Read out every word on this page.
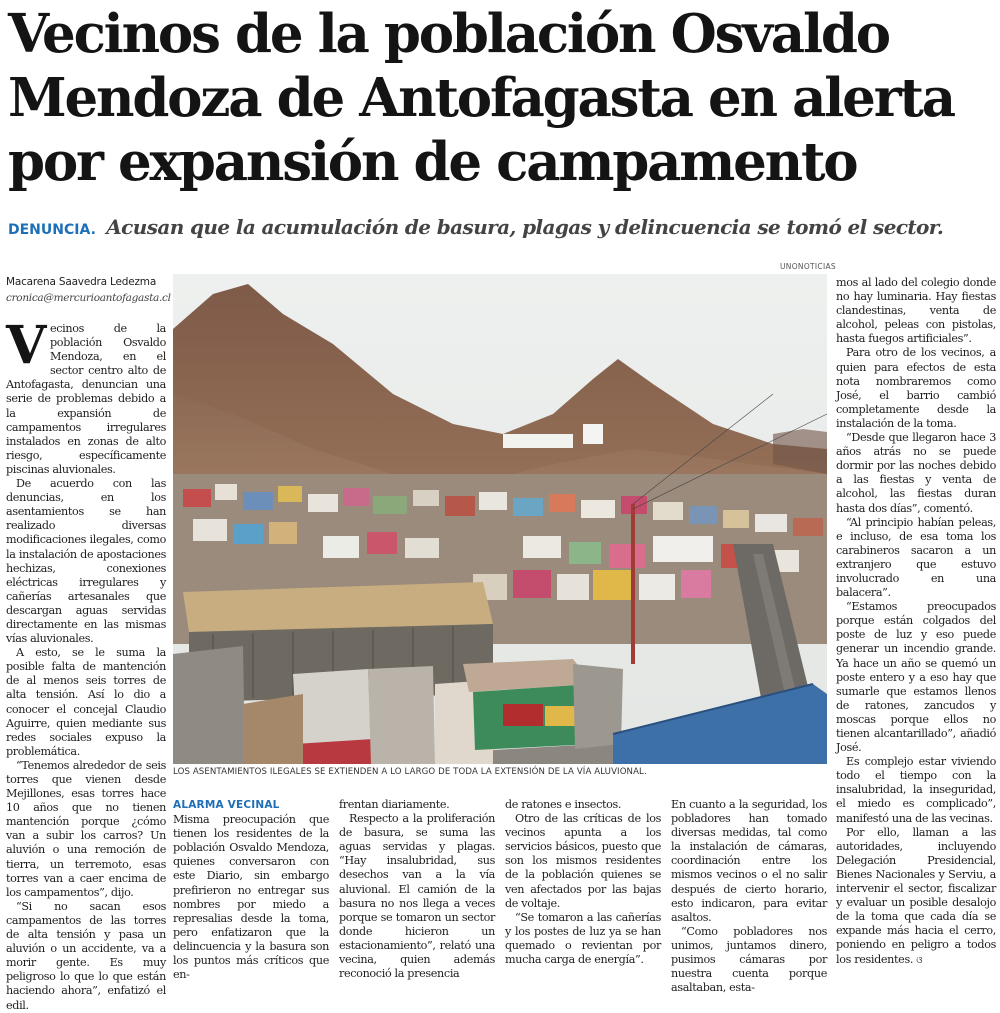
Vecinos de la población Osvaldo
Mendoza de Antofagasta en alerta
por expansión de campamento
DENUNCIA. Acusan que la acumulación de basura, plagas y delincuencia se tomó el sector.
Macarena Saavedra Ledezma
cronica@mercurioantofagasta.cl

Vecinos de la población Osvaldo Mendoza, en el sector centro alto de Antofagasta, denuncian una serie de problemas debido a la expansión de campamentos irregulares instalados en zonas de alto riesgo, específicamente piscinas aluvionales.

De acuerdo con las denuncias, en los asentamientos se han realizado diversas modificaciones ilegales, como la instalación de apostaciones hechizas, conexiones eléctricas irregulares y cañerías artesanales que descargan aguas servidas directamente en las mismas vías aluvionales.

A esto, se le suma la posible falta de mantención de al menos seis torres de alta tensión. Así lo dio a conocer el concejal Claudio Aguirre, quien mediante sus redes sociales expuso la problemática.

“Tenemos alrededor de seis torres que vienen desde Mejillones, esas torres hace 10 años que no tienen mantención porque ¿cómo van a subir los carros? Un aluvión o una remoción de tierra, un terremoto, esas torres van a caer encima de los campamentos”, dijo.

“Si no sacan esos campamentos de las torres de alta tensión y pasa un aluvión o un accidente, va a morir gente. Es muy peligroso lo que lo que están haciendo ahora”, enfatizó el edil.

UNONOTICIAS
LOS ASENTAMIENTOS ILEGALES SE EXTIENDEN A LO LARGO DE TODA LA EXTENSIÓN DE LA VÍA ALUVIONAL.

mos al lado del colegio donde no hay luminaria. Hay fiestas clandestinas, venta de alcohol, peleas con pistolas, hasta fuegos artificiales”.

Para otro de los vecinos, a quien para efectos de esta nota nombraremos como José, el barrio cambió completamente desde la instalación de la toma.

“Desde que llegaron hace 3 años atrás no se puede dormir por las noches debido a las fiestas y venta de alcohol, las fiestas duran hasta dos días”, comentó.

“Al principio habían peleas, e incluso, de esa toma los carabineros sacaron a un extranjero que estuvo involucrado en una balacera”.

“Estamos preocupados porque están colgados del poste de luz y eso puede generar un incendio grande. Ya hace un año se quemó un poste entero y a eso hay que sumarle que estamos llenos de ratones, zancudos y moscas porque ellos no tienen alcantarillado”, añadió José.

Es complejo estar viviendo todo el tiempo con la insalubridad, la inseguridad, el miedo es complicado”, manifestó una de las vecinas.

Por ello, llaman a las autoridades, incluyendo Delegación Presidencial, Bienes Nacionales y Serviu, a intervenir el sector, fiscalizar y evaluar un posible desalojo de la toma que cada día se expande más hacia el cerro, poniendo en peligro a todos los residentes. ଓ

ALARMA VECINAL

Misma preocupación que tienen los residentes de la población Osvaldo Mendoza, quienes conversaron con este Diario, sin embargo prefirieron no entregar sus nombres por miedo a represalias desde la toma, pero enfatizaron que la delincuencia y la basura son los puntos más críticos que en-

frentan diariamente.

Respecto a la proliferación de basura, se suma las aguas servidas y plagas. “Hay insalubridad, sus desechos van a la vía aluvional. El camión de la basura no nos llega a veces porque se tomaron un sector donde hicieron un estacionamiento”, relató una vecina, quien además reconoció la presencia

de ratones e insectos.

Otro de las críticas de los vecinos apunta a los servicios básicos, puesto que son los mismos residentes de la población quienes se ven afectados por las bajas de voltaje.

“Se tomaron a las cañerías y los postes de luz ya se han quemado o revientan por mucha carga de energía”.

En cuanto a la seguridad, los pobladores han tomado diversas medidas, tal como la instalación de cámaras, coordinación entre los mismos vecinos o el no salir después de cierto horario, esto indicaron, para evitar asaltos.

“Como pobladores nos unimos, juntamos dinero, pusimos cámaras por nuestra cuenta porque asaltaban, esta-
